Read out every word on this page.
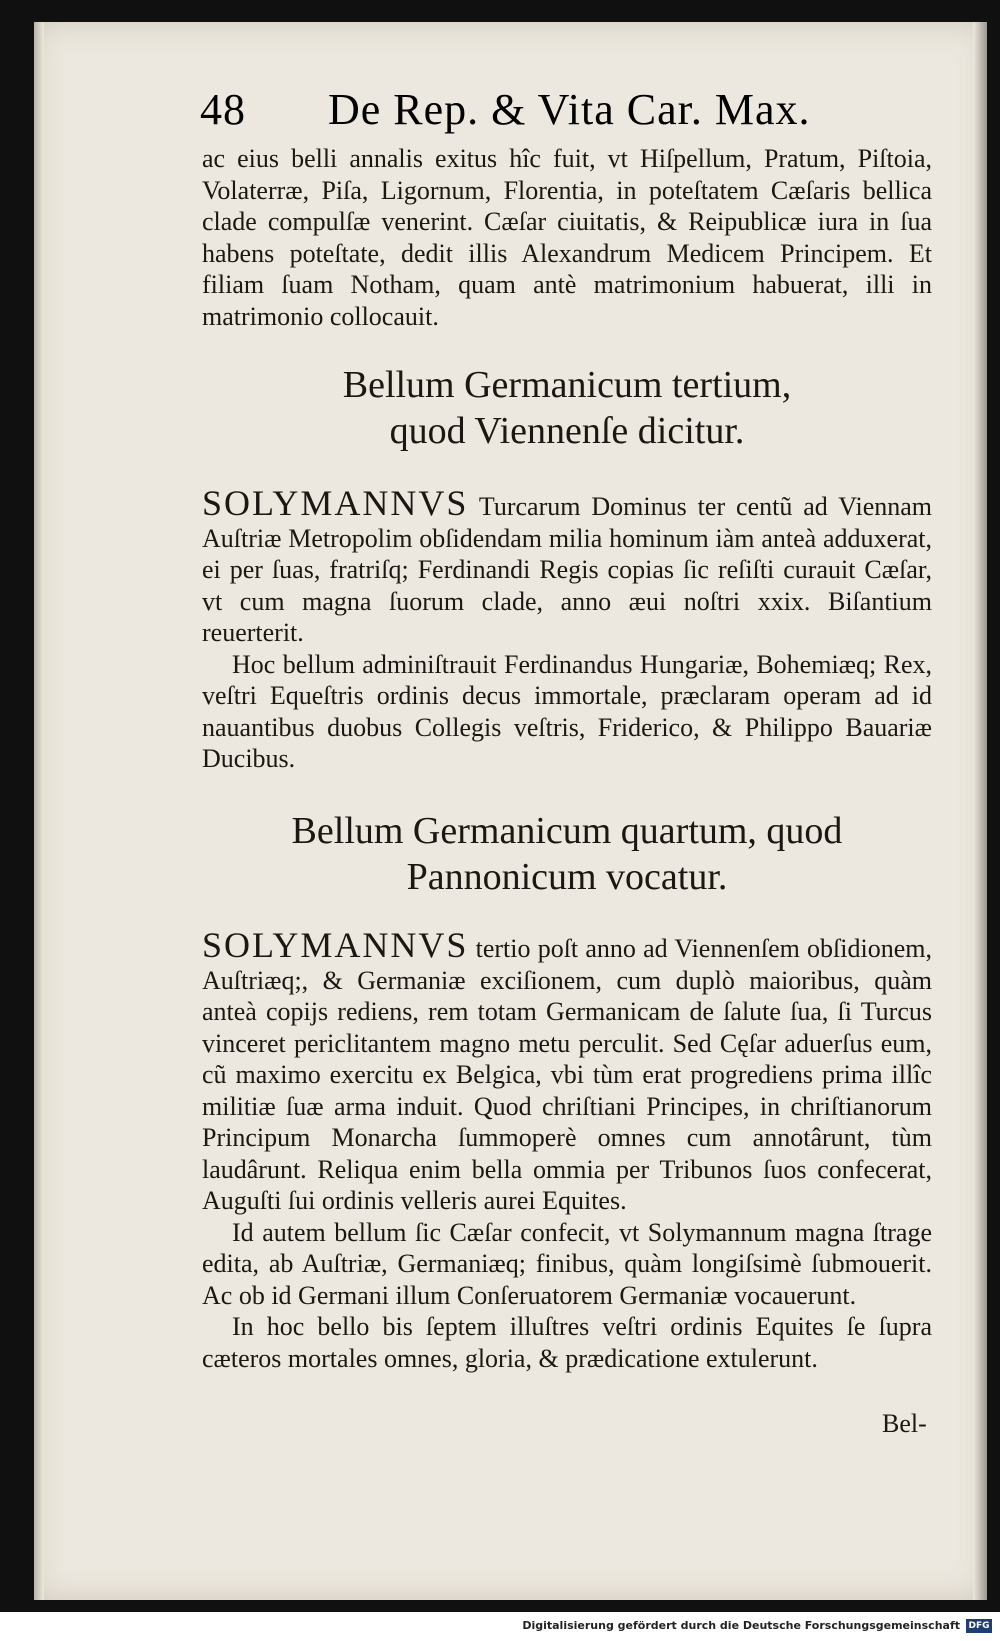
48 De Rep. & Vita Car. Max.

ac eius belli annalis exitus hîc fuit, vt Hiſpellum, Pratum, Piſtoia, Volaterræ, Piſa, Ligornum, Florentia, in poteſtatem Cæſaris bellica clade compulſæ venerint. Cæſar ciuitatis, & Reipublicæ iura in ſua habens poteſtate, dedit illis Alexandrum Medicem Principem. Et filiam ſuam Notham, quam antè matrimonium habuerat, illi in matrimonio collocauit.

Bellum Germanicum tertium,
quod Viennenſe dicitur.

SOLYMANNVS Turcarum Dominus ter centũ ad Viennam Auſtriæ Metropolim obſidendam milia hominum iàm anteà adduxerat, ei per ſuas, fratriſq; Ferdinandi Regis copias ſic reſiſti curauit Cæſar, vt cum magna ſuorum clade, anno æui noſtri xxix. Biſantium reuerterit.

Hoc bellum adminiſtrauit Ferdinandus Hungariæ, Bohemiæq; Rex, veſtri Equeſtris ordinis decus immortale, præclaram operam ad id nauantibus duobus Collegis veſtris, Friderico, & Philippo Bauariæ Ducibus.

Bellum Germanicum quartum, quod
Pannonicum vocatur.

SOLYMANNVS tertio poſt anno ad Viennenſem obſidionem, Auſtriæq;, & Germaniæ exciſionem, cum duplò maioribus, quàm anteà copijs rediens, rem totam Germanicam de ſalute ſua, ſi Turcus vinceret periclitantem magno metu perculit. Sed Cęſar aduerſus eum, cũ maximo exercitu ex Belgica, vbi tùm erat progrediens prima illîc militiæ ſuæ arma induit. Quod chriſtiani Principes, in chriſtianorum Principum Monarcha ſummoperè omnes cum annotârunt, tùm laudârunt. Reliqua enim bella ommia per Tribunos ſuos confecerat, Auguſti ſui ordinis velleris aurei Equites.

Id autem bellum ſic Cæſar confecit, vt Solymannum magna ſtrage edita, ab Auſtriæ, Germaniæq; finibus, quàm longiſsimè ſubmouerit. Ac ob id Germani illum Conſeruatorem Germaniæ vocauerunt.

In hoc bello bis ſeptem illuſtres veſtri ordinis Equites ſe ſupra cæteros mortales omnes, gloria, & prædicatione extulerunt.

Bel-
Digitalisierung gefördert durch die Deutsche Forschungsgemeinschaft DFG
